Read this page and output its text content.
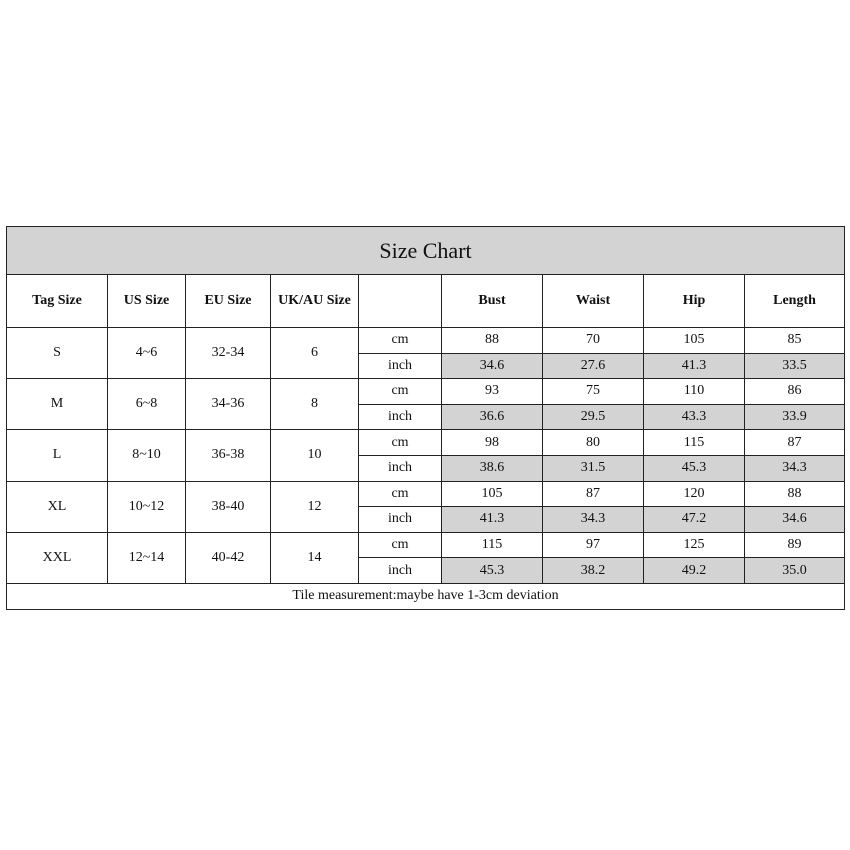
Size Chart								
Tag Size	US Size	EU Size	UK/AU Size		Bust	Waist	Hip	Length
S	4~6	32-34	6	cm	88	70	105	85
				inch	34.6	27.6	41.3	33.5
M	6~8	34-36	8	cm	93	75	110	86
				inch	36.6	29.5	43.3	33.9
L	8~10	36-38	10	cm	98	80	115	87
				inch	38.6	31.5	45.3	34.3
XL	10~12	38-40	12	cm	105	87	120	88
				inch	41.3	34.3	47.2	34.6
XXL	12~14	40-42	14	cm	115	97	125	89
				inch	45.3	38.2	49.2	35.0
Tile measurement:maybe have 1-3cm deviation								
